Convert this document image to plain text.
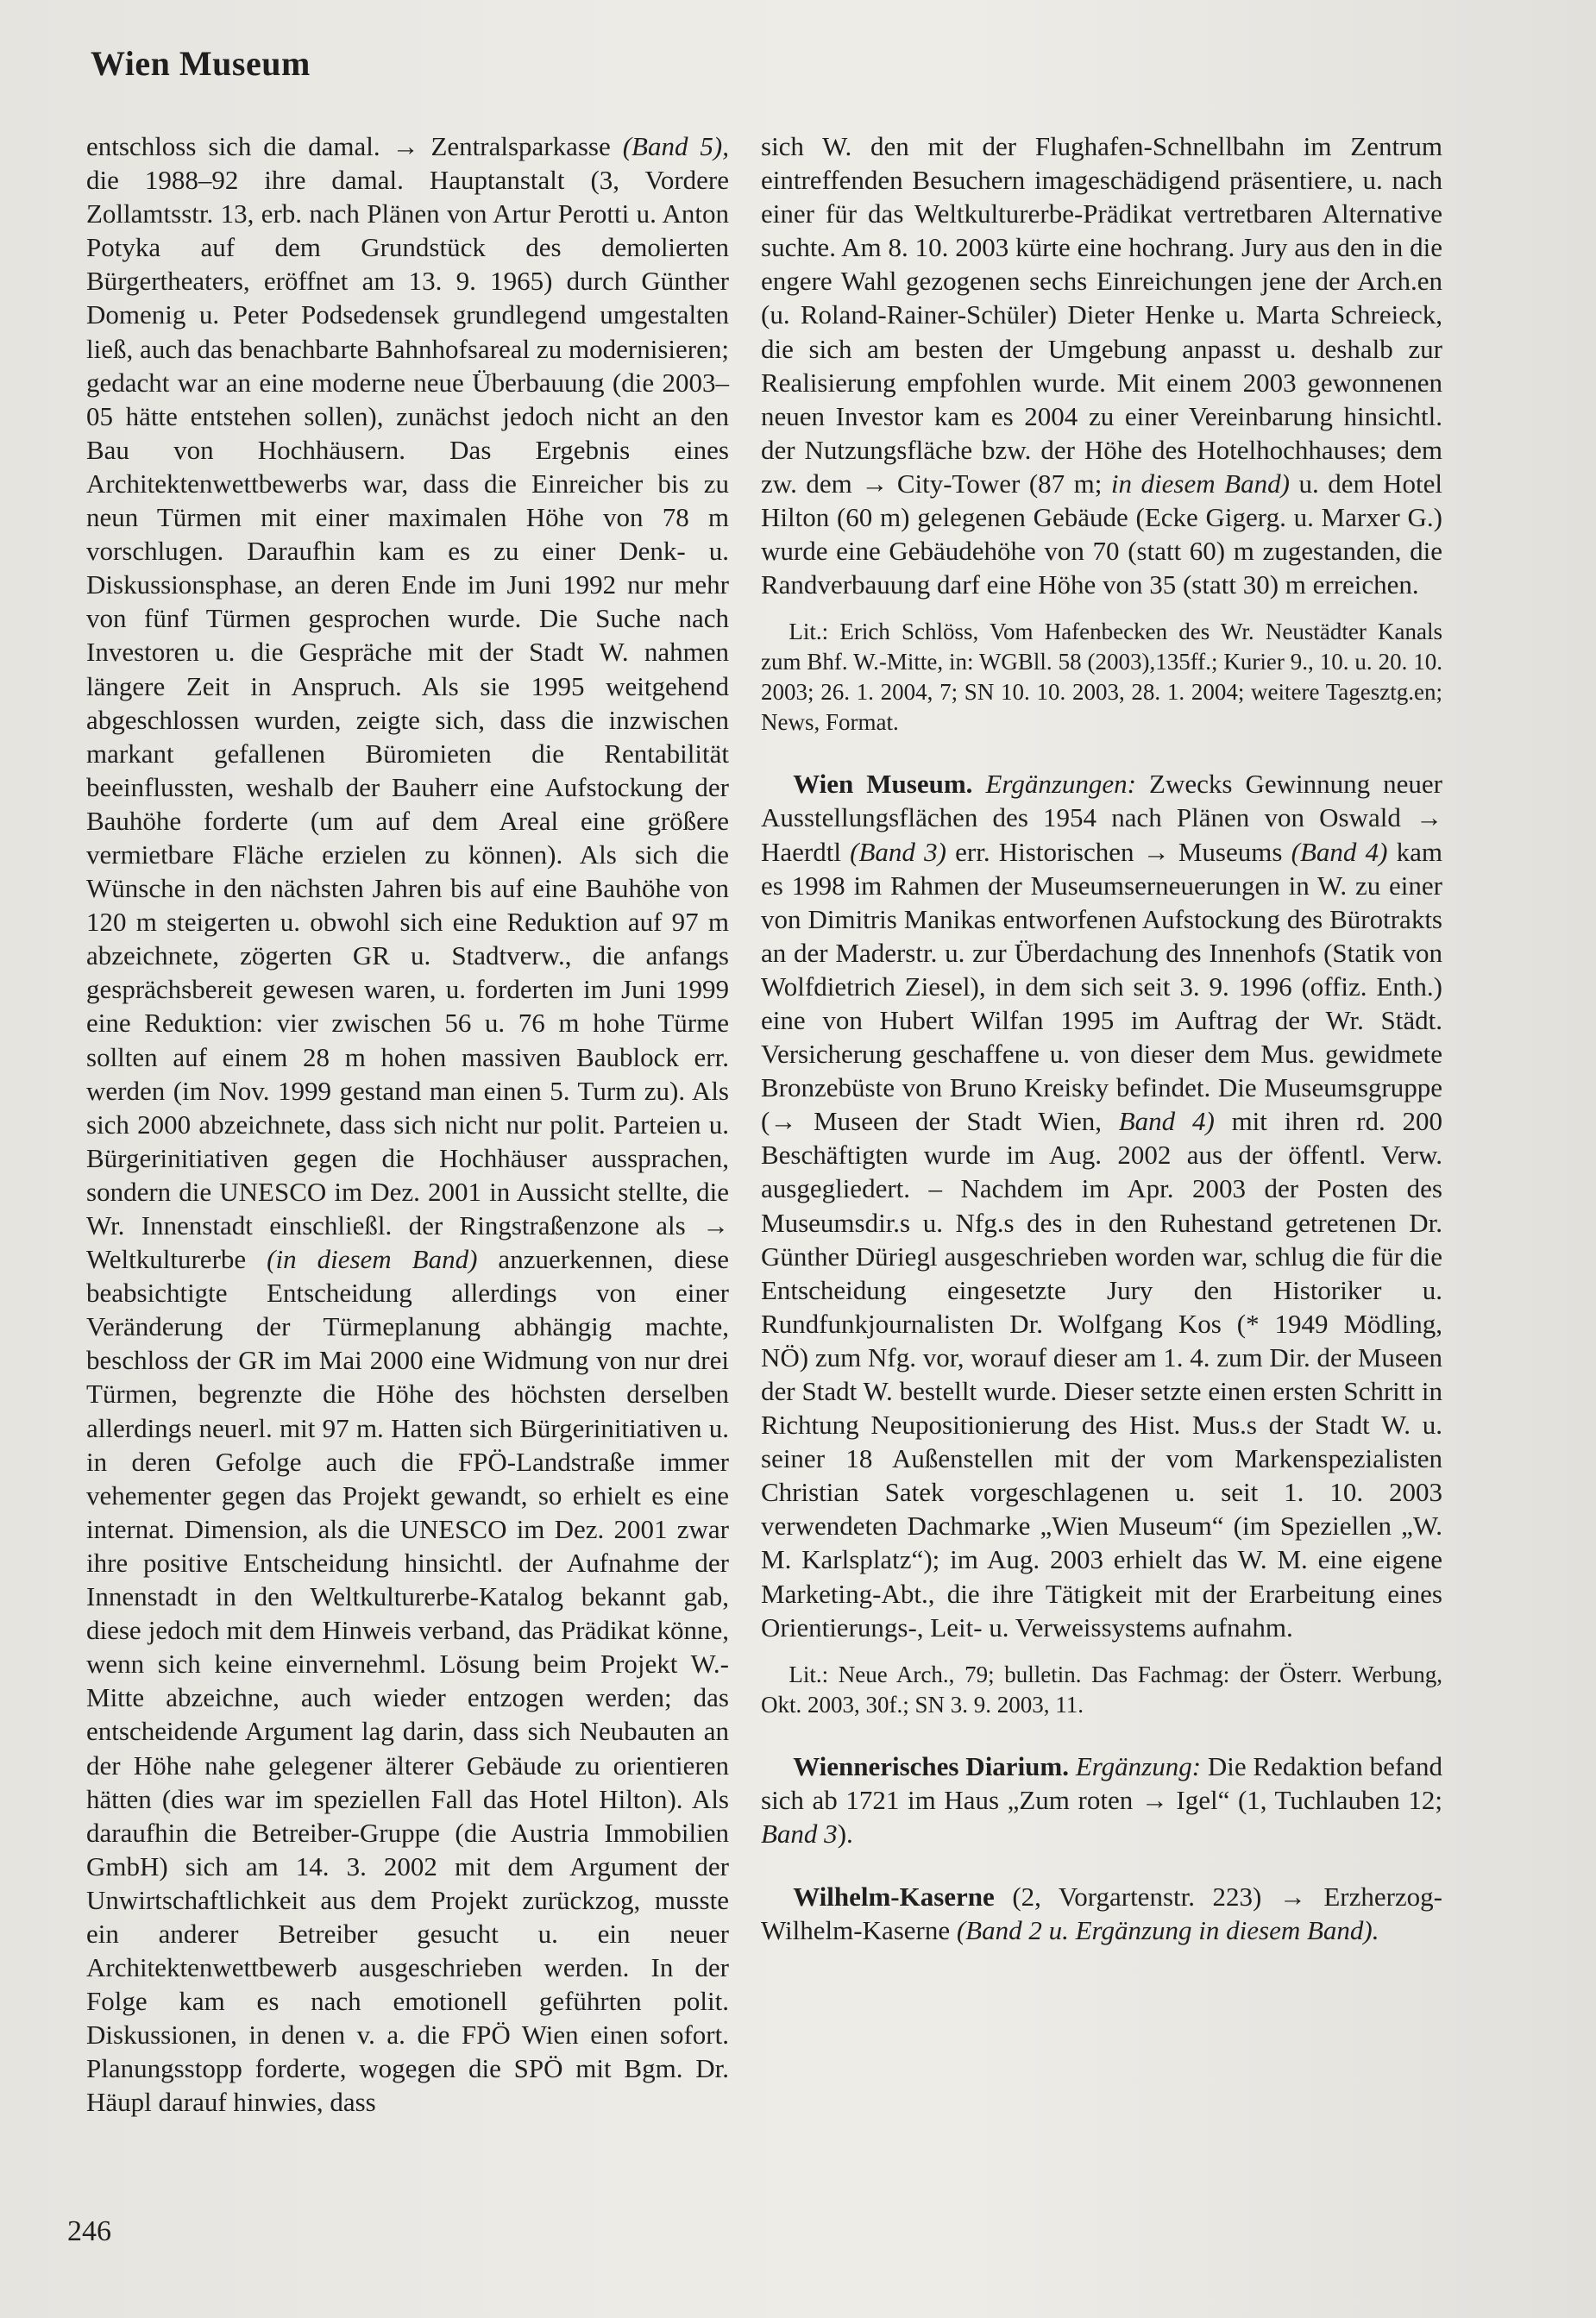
Wien Museum

entschloss sich die damal. → Zentralsparkasse (Band 5), die 1988–92 ihre damal. Hauptanstalt (3, Vordere Zollamtsstr. 13, erb. nach Plänen von Artur Perotti u. Anton Potyka auf dem Grundstück des demolierten Bürgertheaters, eröffnet am 13. 9. 1965) durch Günther Domenig u. Peter Podsedensek grundlegend umgestalten ließ, auch das benachbarte Bahnhofsareal zu modernisieren; gedacht war an eine moderne neue Überbauung (die 2003–05 hätte entstehen sollen), zunächst jedoch nicht an den Bau von Hochhäusern. Das Ergebnis eines Architektenwettbewerbs war, dass die Einreicher bis zu neun Türmen mit einer maximalen Höhe von 78 m vorschlugen. Daraufhin kam es zu einer Denk- u. Diskussionsphase, an deren Ende im Juni 1992 nur mehr von fünf Türmen gesprochen wurde. Die Suche nach Investoren u. die Gespräche mit der Stadt W. nahmen längere Zeit in Anspruch. Als sie 1995 weitgehend abgeschlossen wurden, zeigte sich, dass die inzwischen markant gefallenen Büromieten die Rentabilität beeinflussten, weshalb der Bauherr eine Aufstockung der Bauhöhe forderte (um auf dem Areal eine größere vermietbare Fläche erzielen zu können). Als sich die Wünsche in den nächsten Jahren bis auf eine Bauhöhe von 120 m steigerten u. obwohl sich eine Reduktion auf 97 m abzeichnete, zögerten GR u. Stadtverw., die anfangs gesprächsbereit gewesen waren, u. forderten im Juni 1999 eine Reduktion: vier zwischen 56 u. 76 m hohe Türme sollten auf einem 28 m hohen massiven Baublock err. werden (im Nov. 1999 gestand man einen 5. Turm zu). Als sich 2000 abzeichnete, dass sich nicht nur polit. Parteien u. Bürgerinitiativen gegen die Hochhäuser aussprachen, sondern die UNESCO im Dez. 2001 in Aussicht stellte, die Wr. Innenstadt einschließl. der Ringstraßenzone als → Weltkulturerbe (in diesem Band) anzuerkennen, diese beabsichtigte Entscheidung allerdings von einer Veränderung der Türmeplanung abhängig machte, beschloss der GR im Mai 2000 eine Widmung von nur drei Türmen, begrenzte die Höhe des höchsten derselben allerdings neuerl. mit 97 m. Hatten sich Bürgerinitiativen u. in deren Gefolge auch die FPÖ-Landstraße immer vehementer gegen das Projekt gewandt, so erhielt es eine internat. Dimension, als die UNESCO im Dez. 2001 zwar ihre positive Entscheidung hinsichtl. der Aufnahme der Innenstadt in den Weltkulturerbe-Katalog bekannt gab, diese jedoch mit dem Hinweis verband, das Prädikat könne, wenn sich keine einvernehml. Lösung beim Projekt W.-Mitte abzeichne, auch wieder entzogen werden; das entscheidende Argument lag darin, dass sich Neubauten an der Höhe nahe gelegener älterer Gebäude zu orientieren hätten (dies war im speziellen Fall das Hotel Hilton). Als daraufhin die Betreiber-Gruppe (die Austria Immobilien GmbH) sich am 14. 3. 2002 mit dem Argument der Unwirtschaftlichkeit aus dem Projekt zurückzog, musste ein anderer Betreiber gesucht u. ein neuer Architektenwettbewerb ausgeschrieben werden. In der Folge kam es nach emotionell geführten polit. Diskussionen, in denen v. a. die FPÖ Wien einen sofort. Planungsstopp forderte, wogegen die SPÖ mit Bgm. Dr. Häupl darauf hinwies, dass

sich W. den mit der Flughafen-Schnellbahn im Zentrum eintreffenden Besuchern imageschädigend präsentiere, u. nach einer für das Weltkulturerbe-Prädikat vertretbaren Alternative suchte. Am 8. 10. 2003 kürte eine hochrang. Jury aus den in die engere Wahl gezogenen sechs Einreichungen jene der Arch.en (u. Roland-Rainer-Schüler) Dieter Henke u. Marta Schreieck, die sich am besten der Umgebung anpasst u. deshalb zur Realisierung empfohlen wurde. Mit einem 2003 gewonnenen neuen Investor kam es 2004 zu einer Vereinbarung hinsichtl. der Nutzungsfläche bzw. der Höhe des Hotelhochhauses; dem zw. dem → City-Tower (87 m; in diesem Band) u. dem Hotel Hilton (60 m) gelegenen Gebäude (Ecke Gigerg. u. Marxer G.) wurde eine Gebäudehöhe von 70 (statt 60) m zugestanden, die Randverbauung darf eine Höhe von 35 (statt 30) m erreichen.

Lit.: Erich Schlöss, Vom Hafenbecken des Wr. Neustädter Kanals zum Bhf. W.-Mitte, in: WGBll. 58 (2003),135ff.; Kurier 9., 10. u. 20. 10. 2003; 26. 1. 2004, 7; SN 10. 10. 2003, 28. 1. 2004; weitere Tagesztg.en; News, Format.

Wien Museum. Ergänzungen: Zwecks Gewinnung neuer Ausstellungsflächen des 1954 nach Plänen von Oswald → Haerdtl (Band 3) err. Historischen → Museums (Band 4) kam es 1998 im Rahmen der Museumserneuerungen in W. zu einer von Dimitris Manikas entworfenen Aufstockung des Bürotrakts an der Maderstr. u. zur Überdachung des Innenhofs (Statik von Wolfdietrich Ziesel), in dem sich seit 3. 9. 1996 (offiz. Enth.) eine von Hubert Wilfan 1995 im Auftrag der Wr. Städt. Versicherung geschaffene u. von dieser dem Mus. gewidmete Bronzebüste von Bruno Kreisky befindet. Die Museumsgruppe (→ Museen der Stadt Wien, Band 4) mit ihren rd. 200 Beschäftigten wurde im Aug. 2002 aus der öffentl. Verw. ausgegliedert. – Nachdem im Apr. 2003 der Posten des Museumsdir.s u. Nfg.s des in den Ruhestand getretenen Dr. Günther Düriegl ausgeschrieben worden war, schlug die für die Entscheidung eingesetzte Jury den Historiker u. Rundfunkjournalisten Dr. Wolfgang Kos (* 1949 Mödling, NÖ) zum Nfg. vor, worauf dieser am 1. 4. zum Dir. der Museen der Stadt W. bestellt wurde. Dieser setzte einen ersten Schritt in Richtung Neupositionierung des Hist. Mus.s der Stadt W. u. seiner 18 Außenstellen mit der vom Markenspezialisten Christian Satek vorgeschlagenen u. seit 1. 10. 2003 verwendeten Dachmarke „Wien Museum“ (im Speziellen „W. M. Karlsplatz“); im Aug. 2003 erhielt das W. M. eine eigene Marketing-Abt., die ihre Tätigkeit mit der Erarbeitung eines Orientierungs-, Leit- u. Verweissystems aufnahm.

Lit.: Neue Arch., 79; bulletin. Das Fachmag: der Österr. Werbung, Okt. 2003, 30f.; SN 3. 9. 2003, 11.

Wiennerisches Diarium. Ergänzung: Die Redaktion befand sich ab 1721 im Haus „Zum roten → Igel“ (1, Tuchlauben 12; Band 3).

Wilhelm-Kaserne (2, Vorgartenstr. 223) → Erzherzog-Wilhelm-Kaserne (Band 2 u. Ergänzung in diesem Band).

246
